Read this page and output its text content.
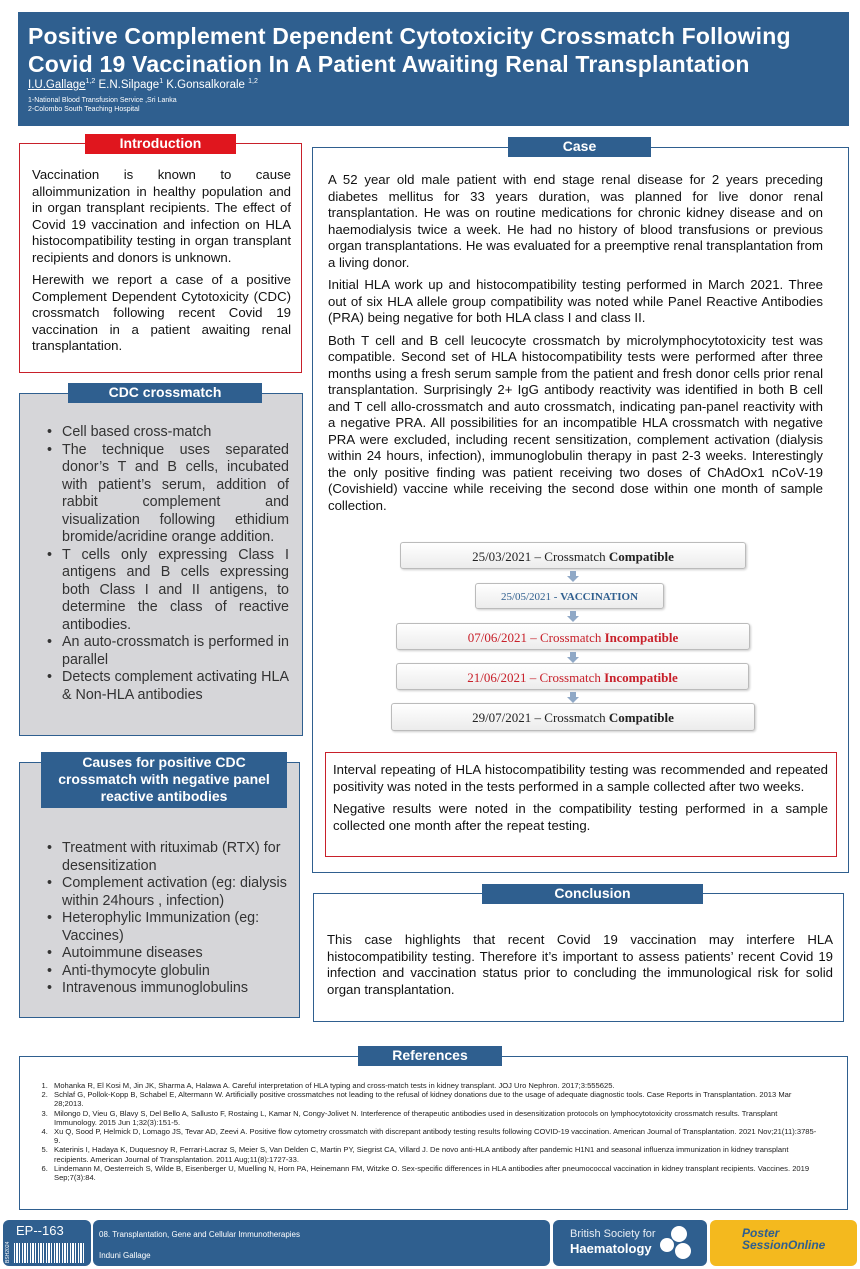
Positive Complement Dependent Cytotoxicity Crossmatch Following
Covid 19 Vaccination In A Patient Awaiting Renal Transplantation
I.U.Gallage$^{1,2}$ E.N.Silpage$^1$ K.Gonsalkorale $^{1,2}$
1-National Blood Transfusion Service ,Sri Lanka
2-Colombo South Teaching Hospital

Vaccination is known to cause alloimmunization in healthy population and in organ transplant recipients. The effect of Covid 19 vaccination and infection on HLA histocompatibility testing in organ transplant recipients and donors is unknown.

Herewith we report a case of a positive Complement Dependent Cytotoxicity (CDC) crossmatch following recent Covid 19 vaccination in a patient awaiting renal transplantation.

Introduction
• Cell based cross-match
• The technique uses separated donor’s T and B cells, incubated with patient’s serum, addition of rabbit complement and visualization following ethidium bromide/acridine orange addition.
• T cells only expressing Class I antigens and B cells expressing both Class I and II antigens, to determine the class of reactive antibodies.
• An auto-crossmatch is performed in parallel
• Detects complement activating HLA & Non-HLA antibodies
CDC crossmatch
• Treatment with rituximab (RTX) for desensitization
• Complement activation (eg: dialysis within 24hours , infection)
• Heterophylic Immunization (eg: Vaccines)
• Autoimmune diseases
• Anti-thymocyte globulin
• Intravenous immunoglobulins
Causes for positive CDC crossmatch with negative panel reactive antibodies

A 52 year old male patient with end stage renal disease for 2 years preceding diabetes mellitus for 33 years duration, was planned for live donor renal transplantation. He was on routine medications for chronic kidney disease and on haemodialysis twice a week. He had no history of blood transfusions or previous organ transplantations. He was evaluated for a preemptive renal transplantation from a living donor.

Initial HLA work up and histocompatibility testing performed in March 2021. Three out of six HLA allele group compatibility was noted while Panel Reactive Antibodies (PRA) being negative for both HLA class I and class II.

Both T cell and B cell leucocyte crossmatch by microlymphocytotoxicity test was compatible. Second set of HLA histocompatibility tests were performed after three months using a fresh serum sample from the patient and fresh donor cells prior renal transplantation. Surprisingly 2+ IgG antibody reactivity was identified in both B cell and T cell allo-crossmatch and auto crossmatch, indicating pan-panel reactivity with a negative PRA. All possibilities for an incompatible HLA crossmatch with negative PRA were excluded, including recent sensitization, complement activation (dialysis within 24 hours, infection), immunoglobulin therapy in past 2-3 weeks. Interestingly the only positive finding was patient receiving two doses of ChAdOx1 nCoV-19 (Covishield) vaccine while receiving the second dose within one month of sample collection.

Case
25/03/2021 – Crossmatch Compatible
25/05/2021 - VACCINATION
07/06/2021 – Crossmatch Incompatible
21/06/2021 – Crossmatch Incompatible
29/07/2021 – Crossmatch Compatible

Interval repeating of HLA histocompatibility testing was recommended and repeated positivity was noted in the tests performed in a sample collected after two weeks.

Negative results were noted in the compatibility testing performed in a sample collected one month after the repeat testing.

This case highlights that recent Covid 19 vaccination may interfere HLA histocompatibility testing. Therefore it’s important to assess patients’ recent Covid 19 infection and vaccination status prior to concluding the immunological risk for solid organ transplantation.
Conclusion
1. Mohanka R, El Kosi M, Jin JK, Sharma A, Halawa A. Careful interpretation of HLA typing and cross-match tests in kidney transplant. JOJ Uro Nephron. 2017;3:555625.
2. Schlaf G, Pollok-Kopp B, Schabel E, Altermann W. Artificially positive crossmatches not leading to the refusal of kidney donations due to the usage of adequate diagnostic tools. Case Reports in Transplantation. 2013 Mar 28;2013.
3. Milongo D, Vieu G, Blavy S, Del Bello A, Sallusto F, Rostaing L, Kamar N, Congy-Jolivet N. Interference of therapeutic antibodies used in desensitization protocols on lymphocytotoxicity crossmatch results. Transplant Immunology. 2015 Jun 1;32(3):151-5.
4. Xu Q, Sood P, Helmick D, Lomago JS, Tevar AD, Zeevi A. Positive flow cytometry crossmatch with discrepant antibody testing results following COVID-19 vaccination. American Journal of Transplantation. 2021 Nov;21(11):3785-9.
5. Katerinis I, Hadaya K, Duquesnoy R, Ferrari-Lacraz S, Meier S, Van Delden C, Martin PY, Siegrist CA, Villard J. De novo anti-HLA antibody after pandemic H1N1 and seasonal influenza immunization in kidney transplant recipients. American Journal of Transplantation. 2011 Aug;11(8):1727-33.
6. Lindemann M, Oesterreich S, Wilde B, Eisenberger U, Muelling N, Horn PA, Heinemann FM, Witzke O. Sex-specific differences in HLA antibodies after pneumococcal vaccination in kidney transplant recipients. Vaccines. 2019 Sep;7(3):84.
References
EP--163
BSH2024
08. Transplantation, Gene and Cellular Immunotherapies
Induni Gallage
British Society for
Haematology
Poster
SessionOnline
